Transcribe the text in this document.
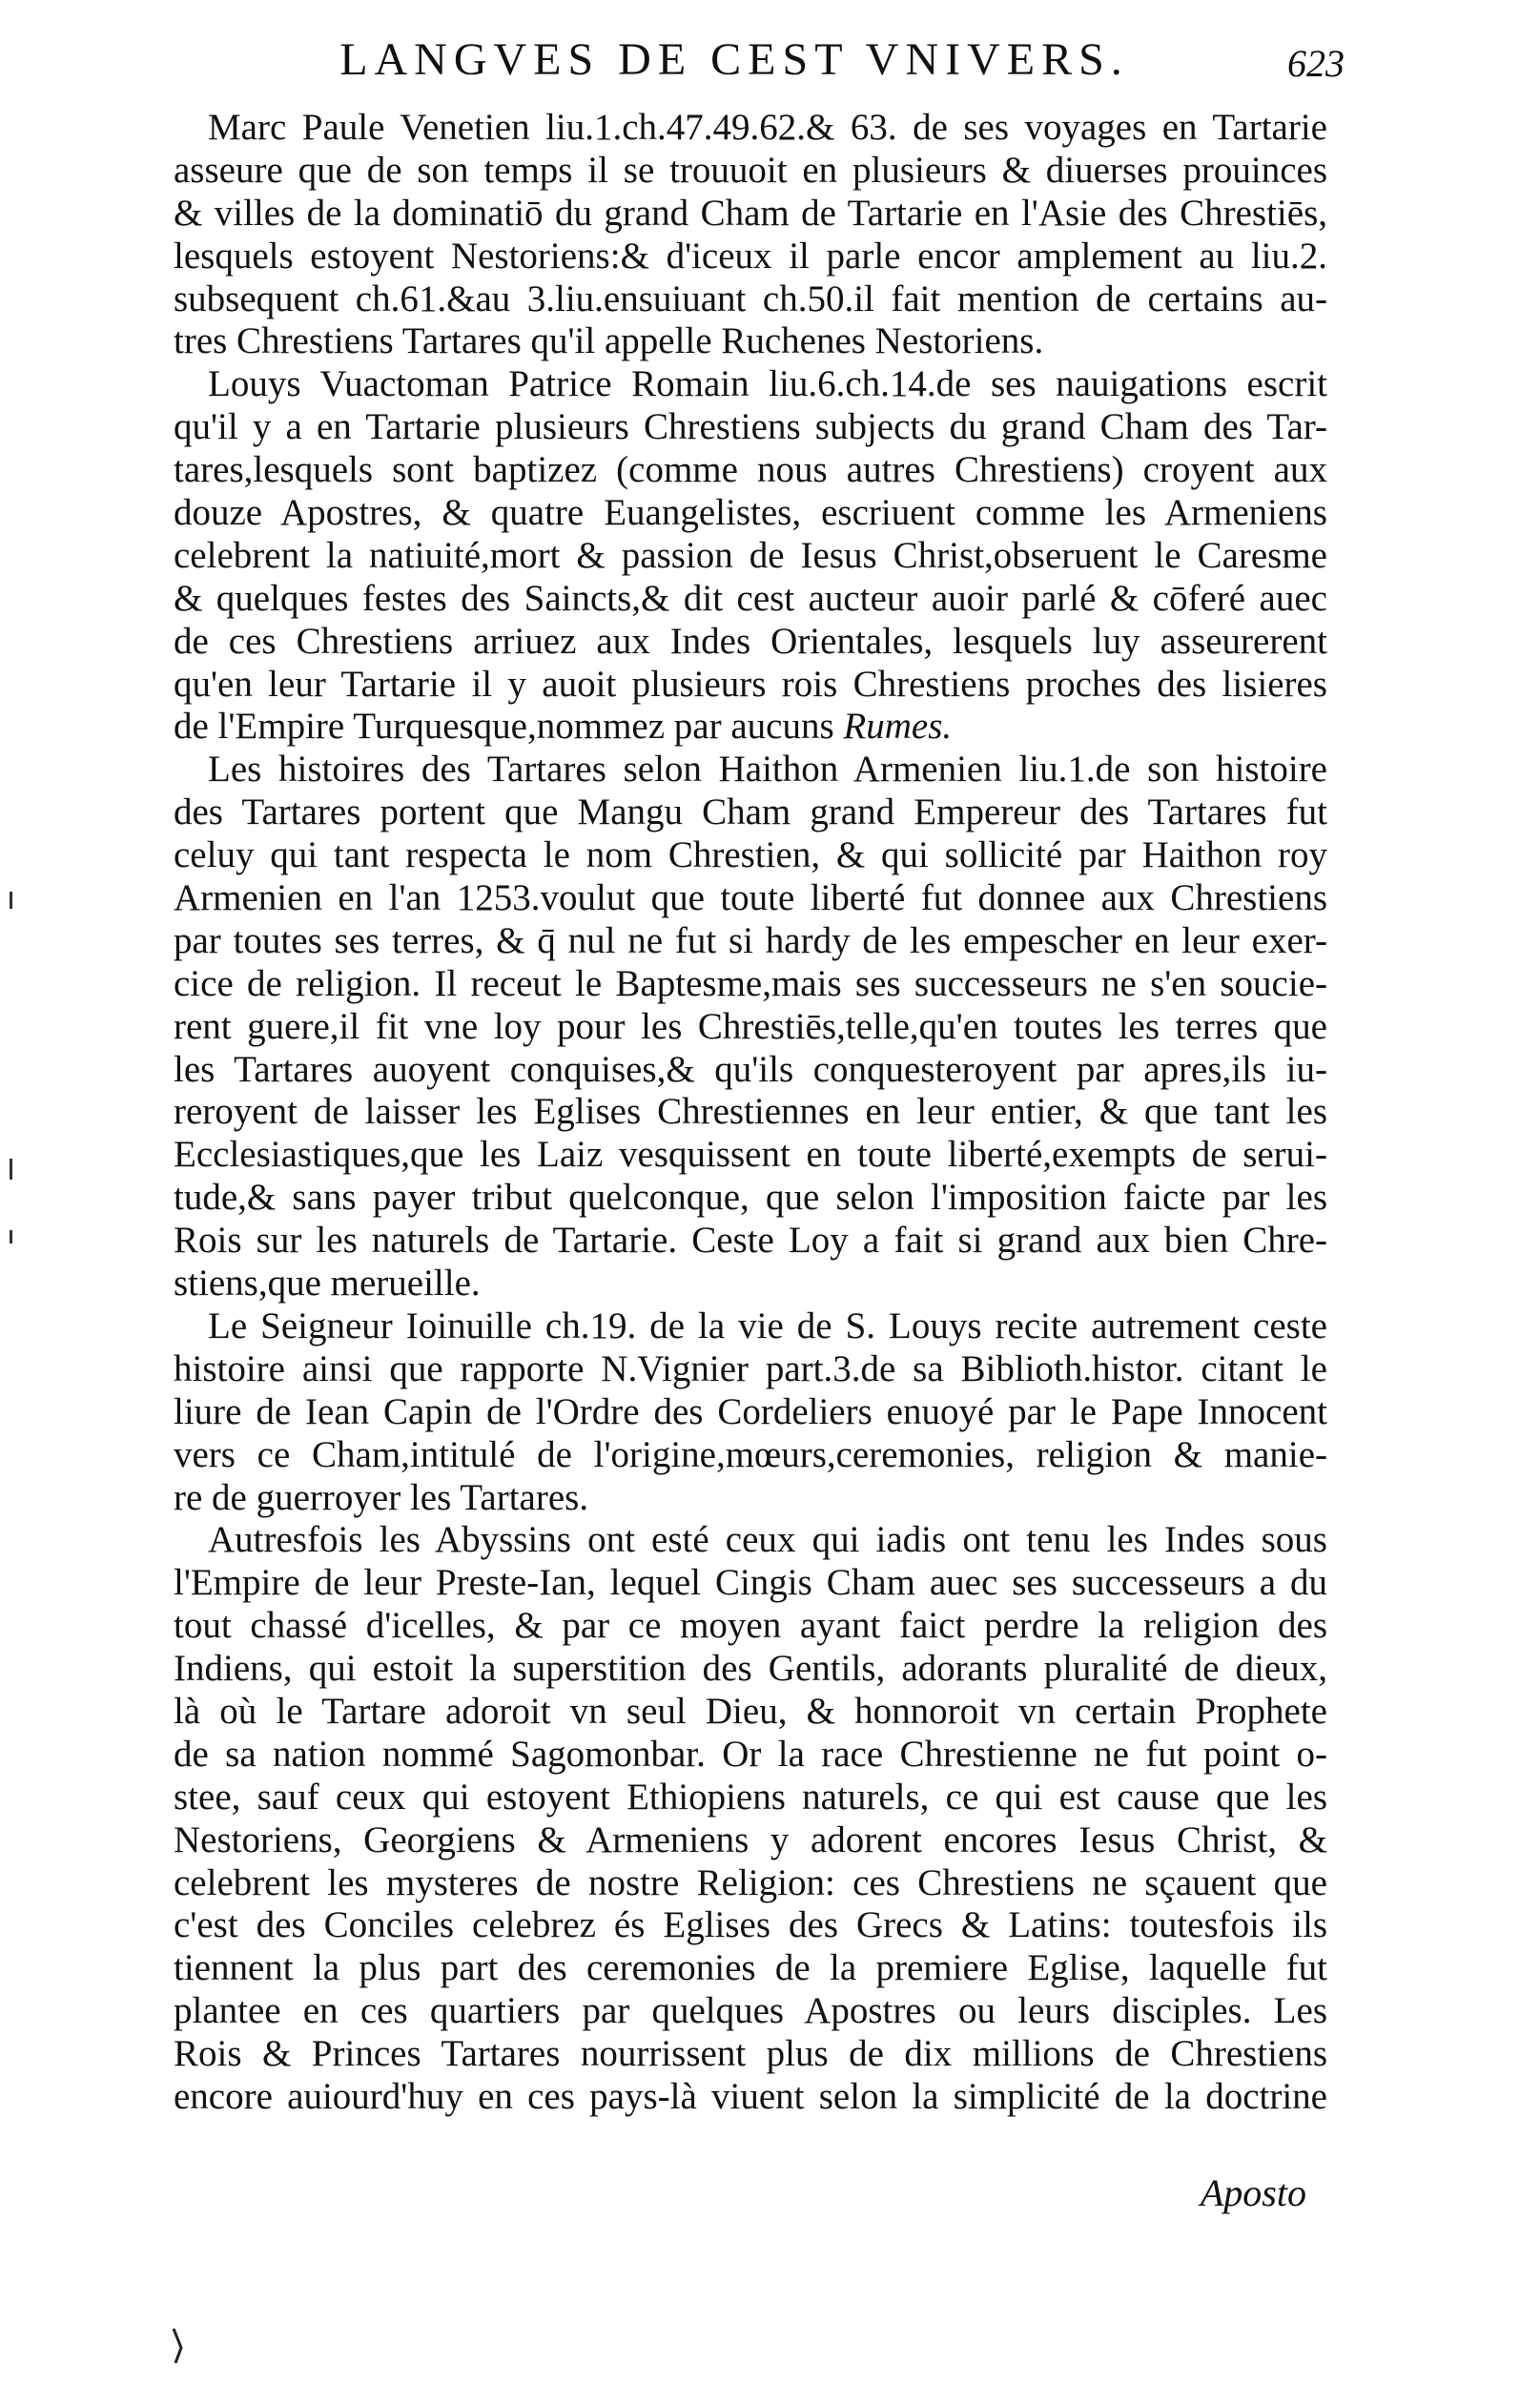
LANGVES DE CEST VNIVERS.	623
Marc Paule Venetien liu.1.ch.47.49.62.& 63. de ses voyages en Tartarie
asseure que de son temps il se trouuoit en plusieurs & diuerses prouinces
& villes de la dominatiō du grand Cham de Tartarie en l'Asie des Chrestiēs,
lesquels estoyent Nestoriens:& d'iceux il parle encor amplement au liu.2.
subsequent ch.61.&au 3.liu.ensuiuant ch.50.il fait mention de certains au-
tres Chrestiens Tartares qu'il appelle Ruchenes Nestoriens.
Louys Vuactoman Patrice Romain liu.6.ch.14.de ses nauigations escrit
qu'il y a en Tartarie plusieurs Chrestiens subjects du grand Cham des Tar-
tares,lesquels sont baptizez (comme nous autres Chrestiens) croyent aux
douze Apostres, & quatre Euangelistes, escriuent comme les Armeniens
celebrent la natiuité,mort & passion de Iesus Christ,obseruent le Caresme
& quelques festes des Saincts,& dit cest aucteur auoir parlé & cōferé auec
de ces Chrestiens arriuez aux Indes Orientales, lesquels luy asseurerent
qu'en leur Tartarie il y auoit plusieurs rois Chrestiens proches des lisieres
de l'Empire Turquesque,nommez par aucuns Rumes.
Les histoires des Tartares selon Haithon Armenien liu.1.de son histoire
des Tartares portent que Mangu Cham grand Empereur des Tartares fut
celuy qui tant respecta le nom Chrestien, & qui sollicité par Haithon roy
Armenien en l'an 1253.voulut que toute liberté fut donnee aux Chrestiens
par toutes ses terres, & q̄ nul ne fut si hardy de les empescher en leur exer-
cice de religion. Il receut le Baptesme,mais ses successeurs ne s'en soucie-
rent guere,il fit vne loy pour les Chrestiēs,telle,qu'en toutes les terres que
les Tartares auoyent conquises,& qu'ils conquesteroyent par apres,ils iu-
reroyent de laisser les Eglises Chrestiennes en leur entier, & que tant les
Ecclesiastiques,que les Laiz vesquissent en toute liberté,exempts de serui-
tude,& sans payer tribut quelconque, que selon l'imposition faicte par les
Rois sur les naturels de Tartarie. Ceste Loy a fait si grand aux bien Chre-
stiens,que merueille.
Le Seigneur Ioinuille ch.19. de la vie de S. Louys recite autrement ceste
histoire ainsi que rapporte N.Vignier part.3.de sa Biblioth.histor. citant le
liure de Iean Capin de l'Ordre des Cordeliers enuoyé par le Pape Innocent
vers ce Cham,intitulé de l'origine,mœurs,ceremonies, religion & manie-
re de guerroyer les Tartares.
Autresfois les Abyssins ont esté ceux qui iadis ont tenu les Indes sous
l'Empire de leur Preste-Ian, lequel Cingis Cham auec ses successeurs a du
tout chassé d'icelles, & par ce moyen ayant faict perdre la religion des
Indiens, qui estoit la superstition des Gentils, adorants pluralité de dieux,
là où le Tartare adoroit vn seul Dieu, & honnoroit vn certain Prophete
de sa nation nommé Sagomonbar. Or la race Chrestienne ne fut point o-
stee, sauf ceux qui estoyent Ethiopiens naturels, ce qui est cause que les
Nestoriens, Georgiens & Armeniens y adorent encores Iesus Christ, &
celebrent les mysteres de nostre Religion: ces Chrestiens ne sçauent que
c'est des Conciles celebrez és Eglises des Grecs & Latins: toutesfois ils
tiennent la plus part des ceremonies de la premiere Eglise, laquelle fut
plantee en ces quartiers par quelques Apostres ou leurs disciples. Les
Rois & Princes Tartares nourrissent plus de dix millions de Chrestiens
encore auiourd'huy en ces pays-là viuent selon la simplicité de la doctrine
Aposto
